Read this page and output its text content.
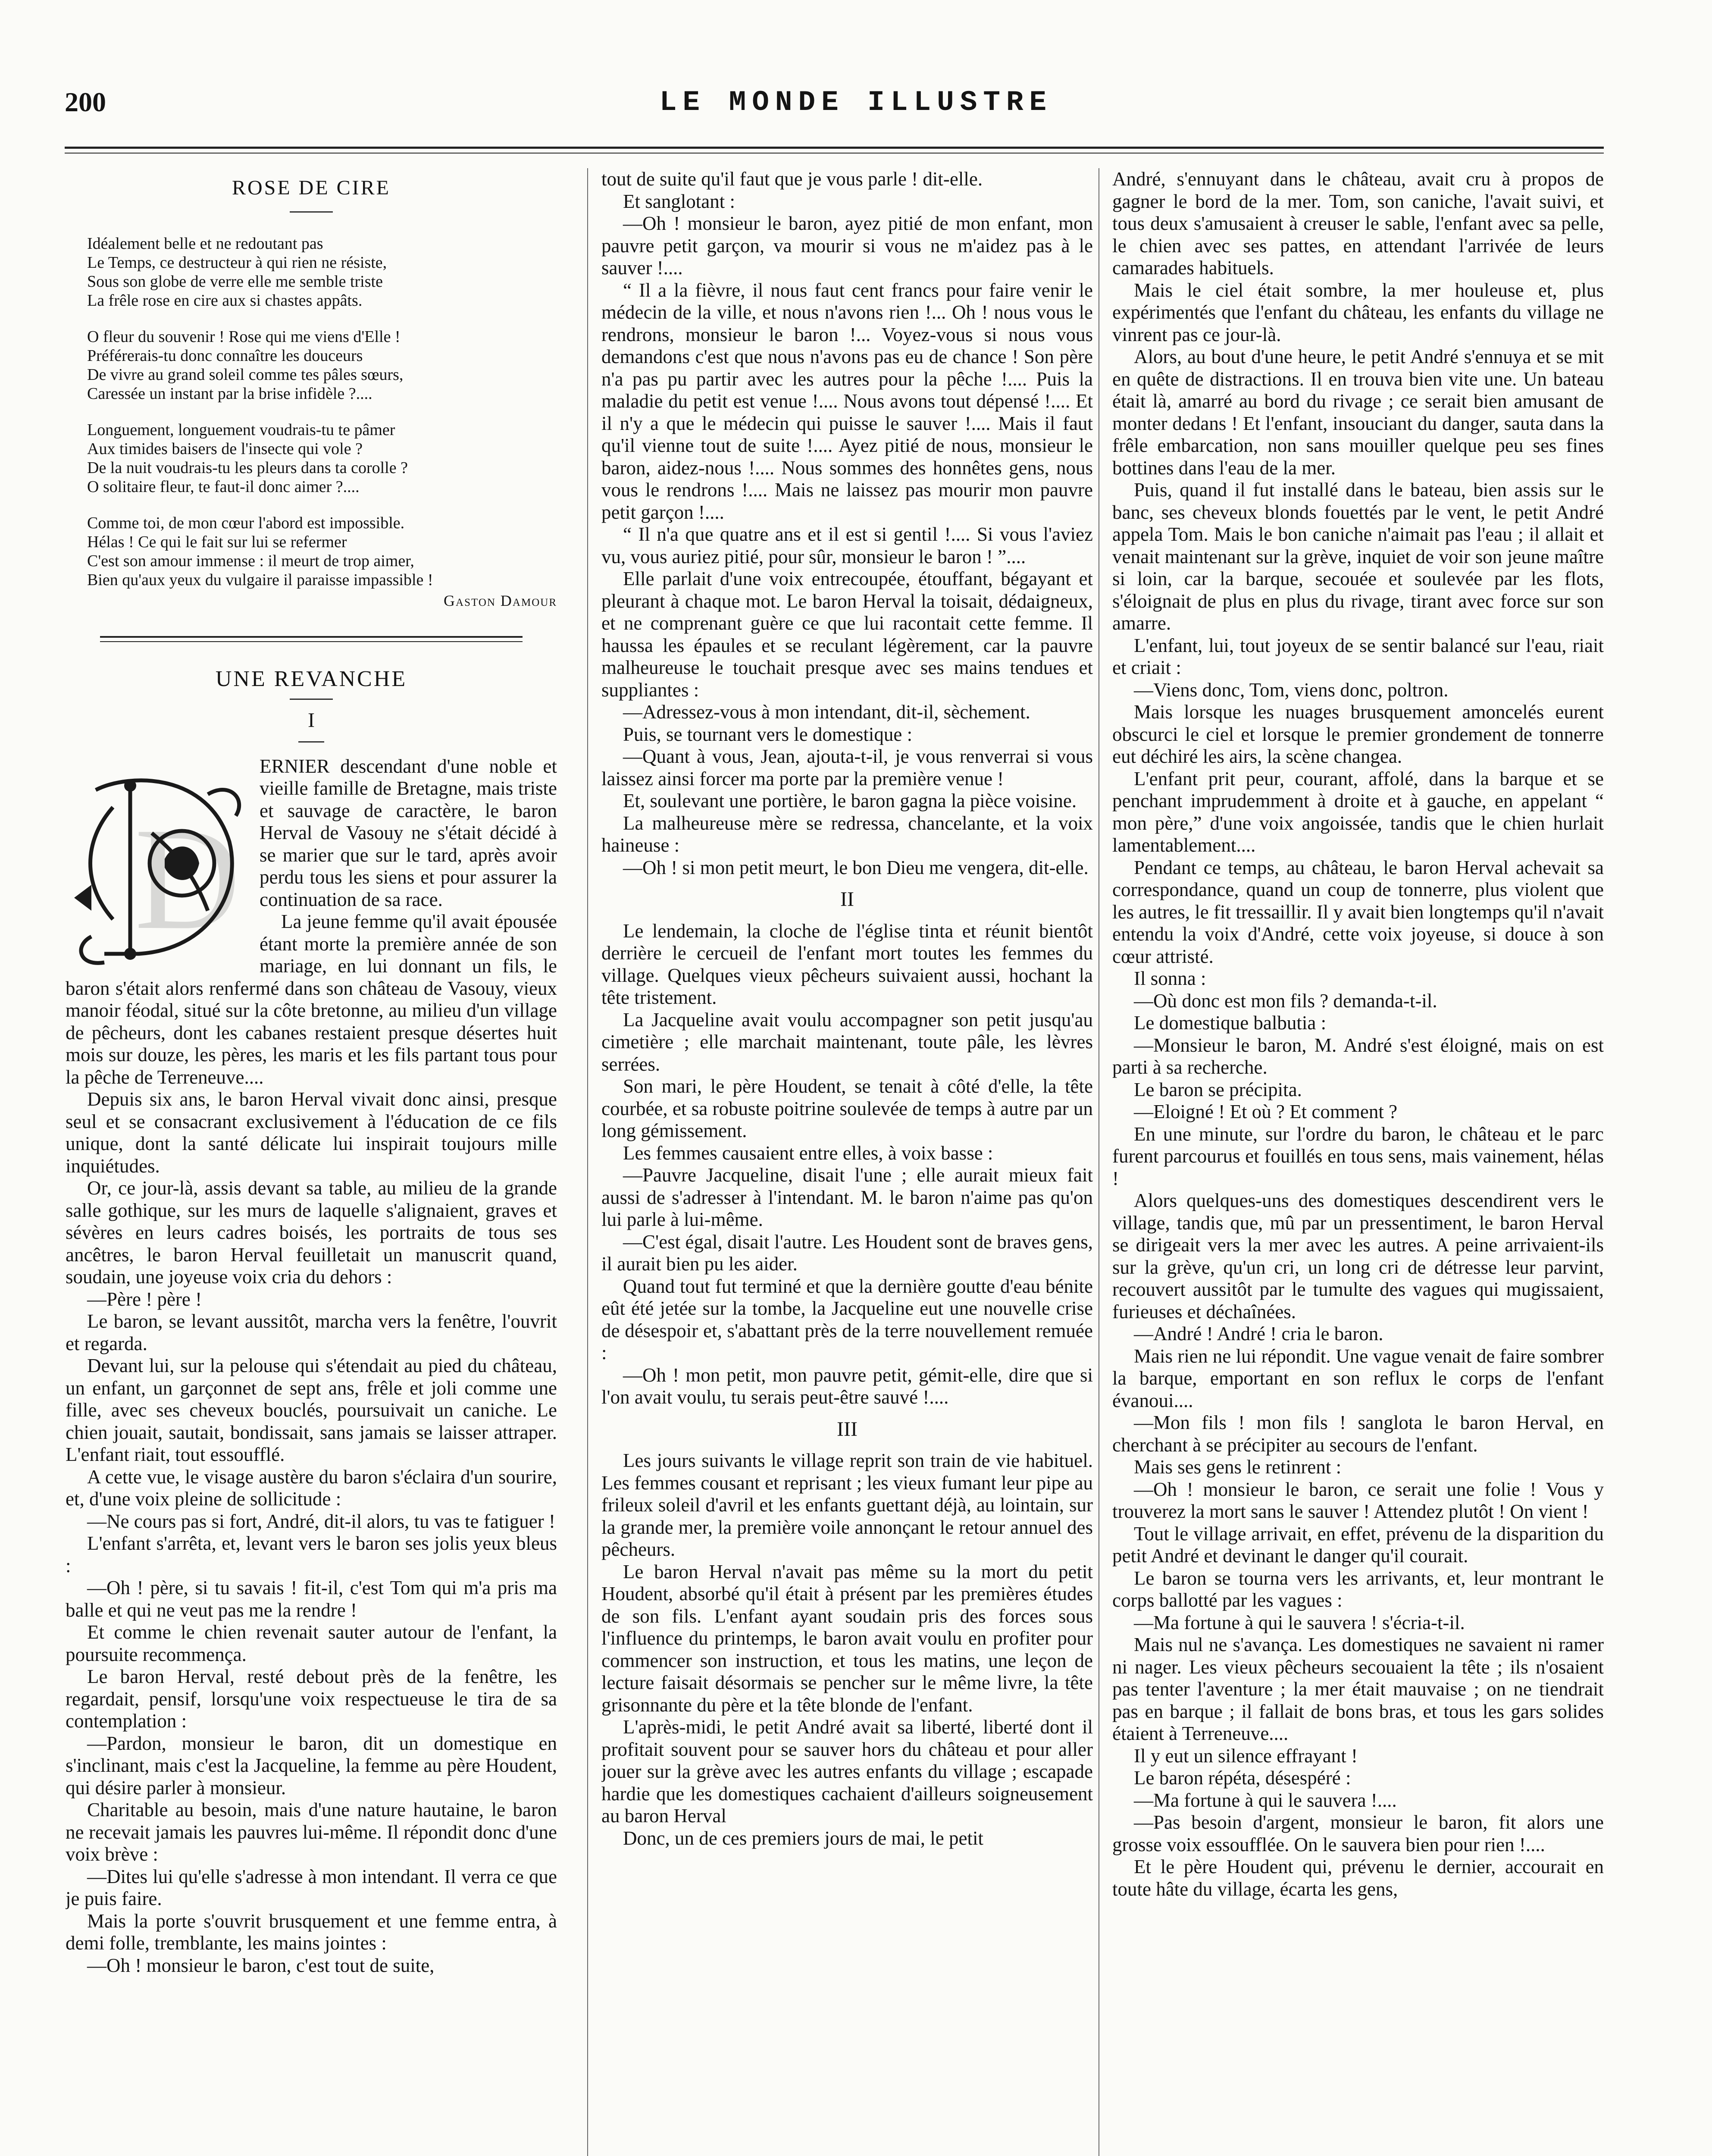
200	LE MONDE ILLUSTRE
ROSE DE CIRE
Idéalement belle et ne redoutant pas
Le Temps, ce destructeur à qui rien ne résiste,
Sous son globe de verre elle me semble triste
La frêle rose en cire aux si chastes appâts.
O fleur du souvenir ! Rose qui me viens d'Elle !
Préférerais-tu donc connaître les douceurs
De vivre au grand soleil comme tes pâles sœurs,
Caressée un instant par la brise infidèle ?....
Longuement, longuement voudrais-tu te pâmer
Aux timides baisers de l'insecte qui vole ?
De la nuit voudrais-tu les pleurs dans ta corolle ?
O solitaire fleur, te faut-il donc aimer ?....
Comme toi, de mon cœur l'abord est impossible.
Hélas ! Ce qui le fait sur lui se refermer
C'est son amour immense : il meurt de trop aimer,
Bien qu'aux yeux du vulgaire il paraisse impassible !
Gaston Damour
UNE REVANCHE
I
D

ERNIER descendant d'une noble et vieille famille de Bretagne, mais triste et sauvage de caractère, le baron Herval de Vasouy ne s'était décidé à se marier que sur le tard, après avoir perdu tous les siens et pour assurer la continuation de sa race.

La jeune femme qu'il avait épousée étant morte la première année de son mariage, en lui donnant un fils, le baron s'était alors renfermé dans son château de Vasouy, vieux manoir féodal, situé sur la côte bretonne, au milieu d'un village de pêcheurs, dont les cabanes restaient presque désertes huit mois sur douze, les pères, les maris et les fils partant tous pour la pêche de Terreneuve....

Depuis six ans, le baron Herval vivait donc ainsi, presque seul et se consacrant exclusivement à l'éducation de ce fils unique, dont la santé délicate lui inspirait toujours mille inquiétudes.

Or, ce jour-là, assis devant sa table, au milieu de la grande salle gothique, sur les murs de laquelle s'alignaient, graves et sévères en leurs cadres boisés, les portraits de tous ses ancêtres, le baron Herval feuilletait un manuscrit quand, soudain, une joyeuse voix cria du dehors :

—Père ! père !

Le baron, se levant aussitôt, marcha vers la fenêtre, l'ouvrit et regarda.

Devant lui, sur la pelouse qui s'étendait au pied du château, un enfant, un garçonnet de sept ans, frêle et joli comme une fille, avec ses cheveux bouclés, poursuivait un caniche. Le chien jouait, sautait, bondissait, sans jamais se laisser attraper. L'enfant riait, tout essoufflé.

A cette vue, le visage austère du baron s'éclaira d'un sourire, et, d'une voix pleine de sollicitude :

—Ne cours pas si fort, André, dit-il alors, tu vas te fatiguer !

L'enfant s'arrêta, et, levant vers le baron ses jolis yeux bleus :

—Oh ! père, si tu savais ! fit-il, c'est Tom qui m'a pris ma balle et qui ne veut pas me la rendre !

Et comme le chien revenait sauter autour de l'enfant, la poursuite recommença.

Le baron Herval, resté debout près de la fenêtre, les regardait, pensif, lorsqu'une voix respectueuse le tira de sa contemplation :

—Pardon, monsieur le baron, dit un domestique en s'inclinant, mais c'est la Jacqueline, la femme au père Houdent, qui désire parler à monsieur.

Charitable au besoin, mais d'une nature hautaine, le baron ne recevait jamais les pauvres lui-même. Il répondit donc d'une voix brève :

—Dites lui qu'elle s'adresse à mon intendant. Il verra ce que je puis faire.

Mais la porte s'ouvrit brusquement et une femme entra, à demi folle, tremblante, les mains jointes :

—Oh ! monsieur le baron, c'est tout de suite,

tout de suite qu'il faut que je vous parle ! dit-elle.

Et sanglotant :

—Oh ! monsieur le baron, ayez pitié de mon enfant, mon pauvre petit garçon, va mourir si vous ne m'aidez pas à le sauver !....

“ Il a la fièvre, il nous faut cent francs pour faire venir le médecin de la ville, et nous n'avons rien !... Oh ! nous vous le rendrons, monsieur le baron !... Voyez-vous si nous vous demandons c'est que nous n'avons pas eu de chance ! Son père n'a pas pu partir avec les autres pour la pêche !.... Puis la maladie du petit est venue !.... Nous avons tout dépensé !.... Et il n'y a que le médecin qui puisse le sauver !.... Mais il faut qu'il vienne tout de suite !.... Ayez pitié de nous, monsieur le baron, aidez-nous !.... Nous sommes des honnêtes gens, nous vous le rendrons !.... Mais ne laissez pas mourir mon pauvre petit garçon !....

“ Il n'a que quatre ans et il est si gentil !.... Si vous l'aviez vu, vous auriez pitié, pour sûr, monsieur le baron ! ”....

Elle parlait d'une voix entrecoupée, étouffant, bégayant et pleurant à chaque mot. Le baron Herval la toisait, dédaigneux, et ne comprenant guère ce que lui racontait cette femme. Il haussa les épaules et se reculant légèrement, car la pauvre malheureuse le touchait presque avec ses mains tendues et suppliantes :

—Adressez-vous à mon intendant, dit-il, sèchement.

Puis, se tournant vers le domestique :

—Quant à vous, Jean, ajouta-t-il, je vous renverrai si vous laissez ainsi forcer ma porte par la première venue !

Et, soulevant une portière, le baron gagna la pièce voisine.

La malheureuse mère se redressa, chancelante, et la voix haineuse :

—Oh ! si mon petit meurt, le bon Dieu me vengera, dit-elle.

II

Le lendemain, la cloche de l'église tinta et réunit bientôt derrière le cercueil de l'enfant mort toutes les femmes du village. Quelques vieux pêcheurs suivaient aussi, hochant la tête tristement.

La Jacqueline avait voulu accompagner son petit jusqu'au cimetière ; elle marchait maintenant, toute pâle, les lèvres serrées.

Son mari, le père Houdent, se tenait à côté d'elle, la tête courbée, et sa robuste poitrine soulevée de temps à autre par un long gémissement.

Les femmes causaient entre elles, à voix basse :

—Pauvre Jacqueline, disait l'une ; elle aurait mieux fait aussi de s'adresser à l'intendant. M. le baron n'aime pas qu'on lui parle à lui-même.

—C'est égal, disait l'autre. Les Houdent sont de braves gens, il aurait bien pu les aider.

Quand tout fut terminé et que la dernière goutte d'eau bénite eût été jetée sur la tombe, la Jacqueline eut une nouvelle crise de désespoir et, s'abattant près de la terre nouvellement remuée :

—Oh ! mon petit, mon pauvre petit, gémit-elle, dire que si l'on avait voulu, tu serais peut-être sauvé !....

III

Les jours suivants le village reprit son train de vie habituel. Les femmes cousant et reprisant ; les vieux fumant leur pipe au frileux soleil d'avril et les enfants guettant déjà, au lointain, sur la grande mer, la première voile annonçant le retour annuel des pêcheurs.

Le baron Herval n'avait pas même su la mort du petit Houdent, absorbé qu'il était à présent par les premières études de son fils. L'enfant ayant soudain pris des forces sous l'influence du printemps, le baron avait voulu en profiter pour commencer son instruction, et tous les matins, une leçon de lecture faisait désormais se pencher sur le même livre, la tête grisonnante du père et la tête blonde de l'enfant.

L'après-midi, le petit André avait sa liberté, liberté dont il profitait souvent pour se sauver hors du château et pour aller jouer sur la grève avec les autres enfants du village ; escapade hardie que les domestiques cachaient d'ailleurs soigneusement au baron Herval

Donc, un de ces premiers jours de mai, le petit

André, s'ennuyant dans le château, avait cru à propos de gagner le bord de la mer. Tom, son caniche, l'avait suivi, et tous deux s'amusaient à creuser le sable, l'enfant avec sa pelle, le chien avec ses pattes, en attendant l'arrivée de leurs camarades habituels.

Mais le ciel était sombre, la mer houleuse et, plus expérimentés que l'enfant du château, les enfants du village ne vinrent pas ce jour-là.

Alors, au bout d'une heure, le petit André s'ennuya et se mit en quête de distractions. Il en trouva bien vite une. Un bateau était là, amarré au bord du rivage ; ce serait bien amusant de monter dedans ! Et l'enfant, insouciant du danger, sauta dans la frêle embarcation, non sans mouiller quelque peu ses fines bottines dans l'eau de la mer.

Puis, quand il fut installé dans le bateau, bien assis sur le banc, ses cheveux blonds fouettés par le vent, le petit André appela Tom. Mais le bon caniche n'aimait pas l'eau ; il allait et venait maintenant sur la grève, inquiet de voir son jeune maître si loin, car la barque, secouée et soulevée par les flots, s'éloignait de plus en plus du rivage, tirant avec force sur son amarre.

L'enfant, lui, tout joyeux de se sentir balancé sur l'eau, riait et criait :

—Viens donc, Tom, viens donc, poltron.

Mais lorsque les nuages brusquement amoncelés eurent obscurci le ciel et lorsque le premier grondement de tonnerre eut déchiré les airs, la scène changea.

L'enfant prit peur, courant, affolé, dans la barque et se penchant imprudemment à droite et à gauche, en appelant “ mon père,” d'une voix angoissée, tandis que le chien hurlait lamentablement....

Pendant ce temps, au château, le baron Herval achevait sa correspondance, quand un coup de tonnerre, plus violent que les autres, le fit tressaillir. Il y avait bien longtemps qu'il n'avait entendu la voix d'André, cette voix joyeuse, si douce à son cœur attristé.

Il sonna :

—Où donc est mon fils ? demanda-t-il.

Le domestique balbutia :

—Monsieur le baron, M. André s'est éloigné, mais on est parti à sa recherche.

Le baron se précipita.

—Eloigné ! Et où ? Et comment ?

En une minute, sur l'ordre du baron, le château et le parc furent parcourus et fouillés en tous sens, mais vainement, hélas !

Alors quelques-uns des domestiques descendirent vers le village, tandis que, mû par un pressentiment, le baron Herval se dirigeait vers la mer avec les autres. A peine arrivaient-ils sur la grève, qu'un cri, un long cri de détresse leur parvint, recouvert aussitôt par le tumulte des vagues qui mugissaient, furieuses et déchaînées.

—André ! André ! cria le baron.

Mais rien ne lui répondit. Une vague venait de faire sombrer la barque, emportant en son reflux le corps de l'enfant évanoui....

—Mon fils ! mon fils ! sanglota le baron Herval, en cherchant à se précipiter au secours de l'enfant.

Mais ses gens le retinrent :

—Oh ! monsieur le baron, ce serait une folie ! Vous y trouverez la mort sans le sauver ! Attendez plutôt ! On vient !

Tout le village arrivait, en effet, prévenu de la disparition du petit André et devinant le danger qu'il courait.

Le baron se tourna vers les arrivants, et, leur montrant le corps ballotté par les vagues :

—Ma fortune à qui le sauvera ! s'écria-t-il.

Mais nul ne s'avança. Les domestiques ne savaient ni ramer ni nager. Les vieux pêcheurs secouaient la tête ; ils n'osaient pas tenter l'aventure ; la mer était mauvaise ; on ne tiendrait pas en barque ; il fallait de bons bras, et tous les gars solides étaient à Terreneuve....

Il y eut un silence effrayant !

Le baron répéta, désespéré :

—Ma fortune à qui le sauvera !....

—Pas besoin d'argent, monsieur le baron, fit alors une grosse voix essoufflée. On le sauvera bien pour rien !....

Et le père Houdent qui, prévenu le dernier, accourait en toute hâte du village, écarta les gens,
